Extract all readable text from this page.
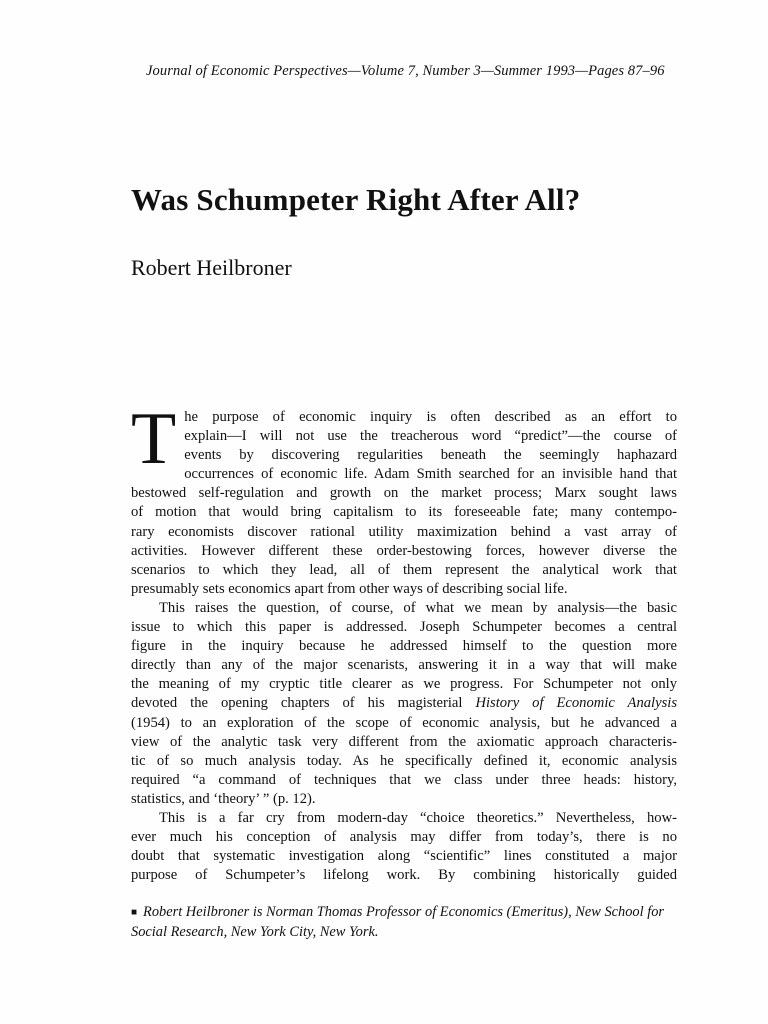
Journal of Economic Perspectives—Volume 7, Number 3—Summer 1993—Pages 87–96
Was Schumpeter Right After All?
Robert Heilbroner
T he purpose of economic inquiry is often described as an effort to

explain—I will not use the treacherous word “predict”—the course of

events by discovering regularities beneath the seemingly haphazard

occurrences of economic life. Adam Smith searched for an invisible hand that

bestowed self-regulation and growth on the market process; Marx sought laws

of motion that would bring capitalism to its foreseeable fate; many contempo-

rary economists discover rational utility maximization behind a vast array of

activities. However different these order-bestowing forces, however diverse the

scenarios to which they lead, all of them represent the analytical work that

presumably sets economics apart from other ways of describing social life.

This raises the question, of course, of what we mean by analysis—the basic

issue to which this paper is addressed. Joseph Schumpeter becomes a central

figure in the inquiry because he addressed himself to the question more

directly than any of the major scenarists, answering it in a way that will make

the meaning of my cryptic title clearer as we progress. For Schumpeter not only

devoted the opening chapters of his magisterial History of Economic Analysis

(1954) to an exploration of the scope of economic analysis, but he advanced a

view of the analytic task very different from the axiomatic approach characteris-

tic of so much analysis today. As he specifically defined it, economic analysis

required “a command of techniques that we class under three heads: history,

statistics, and ‘theory’ ” (p. 12).

This is a far cry from modern-day “choice theoretics.” Nevertheless, how-

ever much his conception of analysis may differ from today’s, there is no

doubt that systematic investigation along “scientific” lines constituted a major

purpose of Schumpeter’s lifelong work. By combining historically guided

■ Robert Heilbroner is Norman Thomas Professor of Economics (Emeritus), New School for Social Research, New York City, New York.
